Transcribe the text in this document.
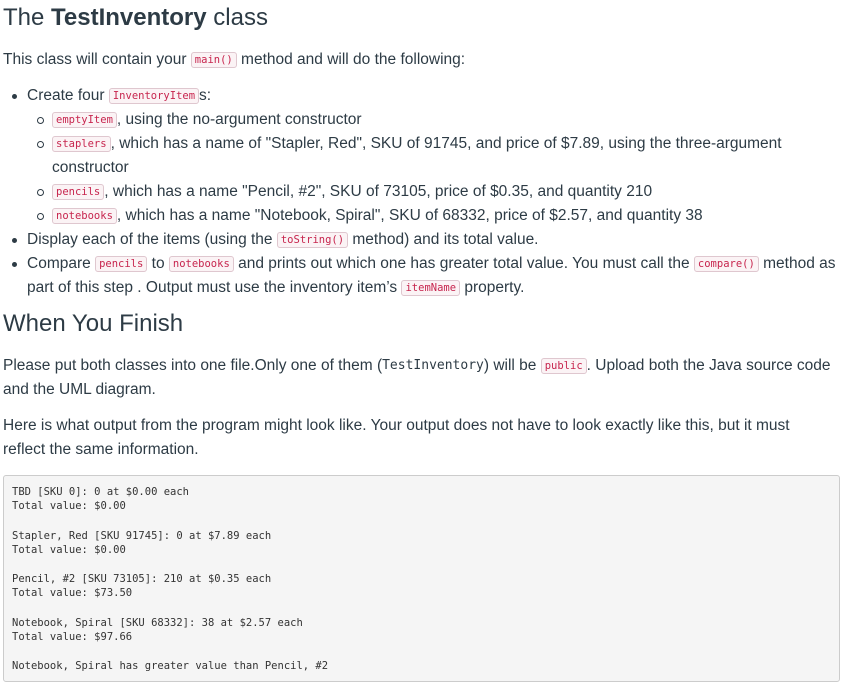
The TestInventory class

This class will contain your main() method and will do the following:

Create four InventoryItem s:
emptyItem , using the no-argument constructor
staplers , which has a name of "Stapler, Red", SKU of 91745, and price of $7.89, using the three-argument constructor
pencils , which has a name "Pencil, #2", SKU of 73105, price of $0.35, and quantity 210
notebooks , which has a name "Notebook, Spiral", SKU of 68332, price of $2.57, and quantity 38
Display each of the items (using the toString() method) and its total value.
Compare pencils to notebooks and prints out which one has greater total value. You must call the compare() method as part of this step . Output must use the inventory item’s itemName property.
When You Finish

Please put both classes into one file.Only one of them (TestInventory) will be public . Upload both the Java source code and the UML diagram.

Here is what output from the program might look like. Your output does not have to look exactly like this, but it must reflect the same information.

TBD [SKU 0]: 0 at $0.00 each
Total value: $0.00
Stapler, Red [SKU 91745]: 0 at $7.89 each
Total value: $0.00
Pencil, #2 [SKU 73105]: 210 at $0.35 each
Total value: $73.50
Notebook, Spiral [SKU 68332]: 38 at $2.57 each
Total value: $97.66
Notebook, Spiral has greater value than Pencil, #2
